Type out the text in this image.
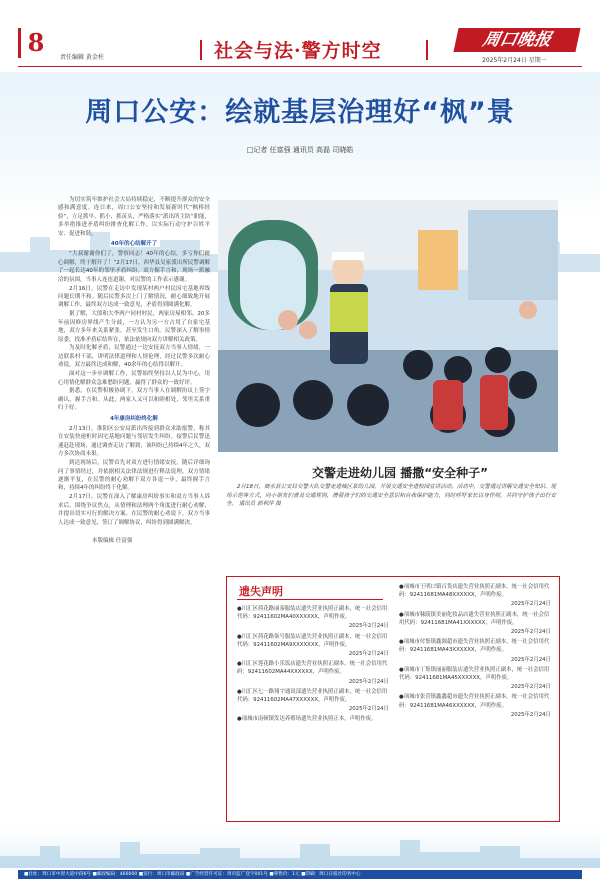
8
责任编辑 黄金柱	社会与法·警方时空	周口晚报
2025年2月24日 星期一
周口公安：绘就基层治理好“枫”景
□记者 任富强 通讯员 高磊 司晓皓

为切实筑牢维护社会大局持续稳定，不断提升群众的安全感和满意度。连日来，周口公安坚持和发展新时代“枫桥经验”，立足抓早、抓小、抓苗头，严格落实“派出所主防”职能，多举措推进矛盾纠纷排查化解工作，以实际行动守护百姓平安、促进和谐。

40年的心结解开了

“大叔谢谢你们了，警察同志！40年的心结，多亏你们耐心调解，终于解开了！”2月17日，西华县吴家派出所民警调解了一起长达40年的邻里矛盾纠纷，双方握手言和，现场一派融洽的氛围，当事人连连道谢，对民警的工作表示感谢。

2月16日，民警在走访中发现某村两户村民因宅基地界线问题长期不和。随后民警多次上门了解情况，耐心细致地开展调解工作，最终双方达成一致意见，矛盾得到圆满化解。

据了解，大郎和大李两户同村村民，两家房屋相邻。20多年前因修房界线产生分歧，一方认为另一方占用了自家宅基地，双方多年来关系紧张，甚至发生口角。民警深入了解事情原委，找准矛盾症结所在，依法依规向双方讲解相关政策。

为及时化解矛盾，民警通过一边安抚双方当事人情绪，一边联系村干部，讲明法律道理和人情伦理，经过民警多次耐心劝说，双方最终达成和解，40余年的心结得以解开。

面对这一步步调解工作，民警始终坚持以人民为中心，用心用情化解群众急难愁盼问题，赢得了群众的一致好评。

据悉，在民警积极协调下，双方当事人在调解协议上签字确认，握手言和。从此，两家人又可以和睦相处，邻里关系重归于好。

4年康房纠纷终化解

2月13日，淮阳区公安局派出所接到群众求助报警，称其在安装快递柜时因宅基地问题与邻居发生纠纷。接警后民警迅速赶赴现场，通过调查走访了解到，该纠纷已持续4年之久，双方多次协商未果。

到达现场后，民警首先对双方进行情绪安抚，随后详细询问了事情经过，并依据相关法律法规进行释法说理，双方情绪逐渐平复，在民警的耐心劝解下双方各退一步，最终握手言和，持续4年的纠纷终于化解。

2月17日，民警在深入了解康房纠纷事实和双方当事人诉求后，围绕争议焦点，从情理和法理两个角度进行耐心劝解，并提出切实可行的解决方案。在民警的耐心劝说下，双方当事人达成一致意见，签订了调解协议，纠纷得到圆满解决。

本版编辑 任富强

交警走进幼儿园 播撒“安全种子”
2月18日，商水县公安局交警大队交警走进城区某幼儿园，开展交通安全进校园宣讲活动。活动中，交警通过讲解交通安全知识、现场示范等方式，向小朋友们普及交通规则，增强孩子们的交通安全意识和自我保护能力，同时呼吁家长以身作则，共同守护孩子出行安全。 通讯员 郭利萍 摄
遗失声明
●川汇区荷花路丽泰服装店遗失营业执照正副本，统一社会信用代码：92411602MA40XXXXXX，声明作废。
2025年2月24日
●川汇区荷花路柒号服装店遗失营业执照正副本，统一社会信用代码：92411602MA9XXXXXXX，声明作废。
2025年2月24日
●川汇区莲花路小乐饭店遗失营业执照正副本，统一社会信用代码：92411602MA44XXXXXX，声明作废。
2025年2月24日
●川汇区七一路翔宇通讯部遗失营业执照正副本，统一社会信用代码：92411602MA47XXXXXX，声明作废。
2025年2月24日
●项城市南顿镇发达养殖场遗失营业执照正本，声明作废。
●项城市王明口镇百货店遗失营业执照正副本，统一社会信用代码：92411681MA48XXXXXX，声明作废。
2025年2月24日
●项城市秣陵镇美丽化妆品店遗失营业执照正副本，统一社会信用代码：92411681MA41XXXXXX，声明作废。
2025年2月24日
●项城市付集镇鑫源超市遗失营业执照正副本，统一社会信用代码：92411681MA43XXXXXX，声明作废。
2025年2月24日
●项城市丁集镇丽丽服装店遗失营业执照正副本，统一社会信用代码：92411681MA45XXXXXX，声明作废。
2025年2月24日
●项城市张营镇鑫鑫超市遗失营业执照正副本，统一社会信用代码：92411681MA46XXXXXX，声明作废。
2025年2月24日
■社址：周口市中原大道中段6号 ■邮政编码：466000 ■发行：周口市邮政局 ■广告经营许可证：周市监广登字001号 ■零售价：1元 ■印刷：周口日报社印务中心
